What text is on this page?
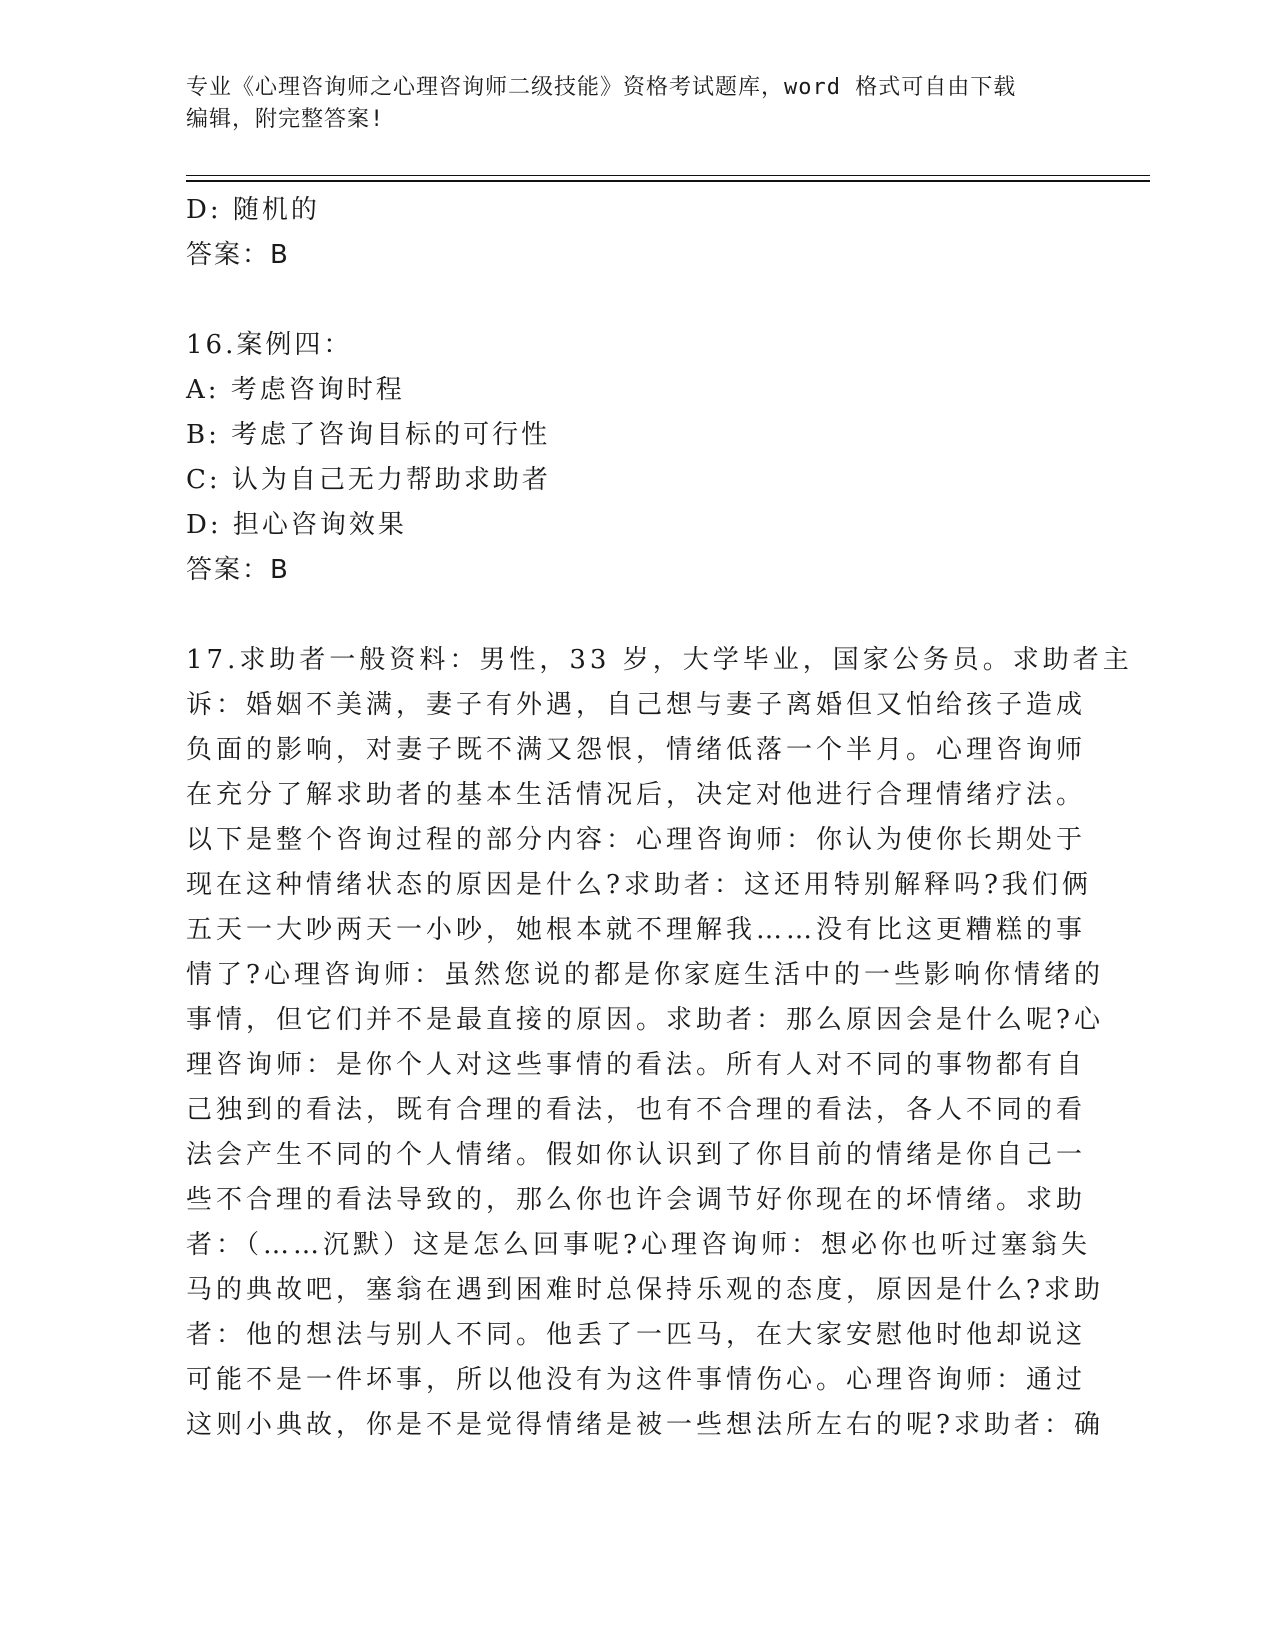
专业《心理咨询师之心理咨询师二级技能》资格考试题库，word 格式可自由下载
编辑，附完整答案!
D: 随机的
答案：B
16.案例四：
A: 考虑咨询时程
B: 考虑了咨询目标的可行性
C: 认为自己无力帮助求助者
D: 担心咨询效果
答案：B
17.求助者一般资料：男性，33 岁，大学毕业，国家公务员。求助者主
诉：婚姻不美满，妻子有外遇，自己想与妻子离婚但又怕给孩子造成
负面的影响，对妻子既不满又怨恨，情绪低落一个半月。心理咨询师
在充分了解求助者的基本生活情况后，决定对他进行合理情绪疗法。
以下是整个咨询过程的部分内容：心理咨询师：你认为使你长期处于
现在这种情绪状态的原因是什么?求助者：这还用特别解释吗?我们俩
五天一大吵两天一小吵，她根本就不理解我……没有比这更糟糕的事
情了?心理咨询师：虽然您说的都是你家庭生活中的一些影响你情绪的
事情，但它们并不是最直接的原因。求助者：那么原因会是什么呢?心
理咨询师：是你个人对这些事情的看法。所有人对不同的事物都有自
己独到的看法，既有合理的看法，也有不合理的看法，各人不同的看
法会产生不同的个人情绪。假如你认识到了你目前的情绪是你自己一
些不合理的看法导致的，那么你也许会调节好你现在的坏情绪。求助
者：（……沉默）这是怎么回事呢?心理咨询师：想必你也听过塞翁失
马的典故吧，塞翁在遇到困难时总保持乐观的态度，原因是什么?求助
者：他的想法与别人不同。他丢了一匹马，在大家安慰他时他却说这
可能不是一件坏事，所以他没有为这件事情伤心。心理咨询师：通过
这则小典故，你是不是觉得情绪是被一些想法所左右的呢?求助者：确
